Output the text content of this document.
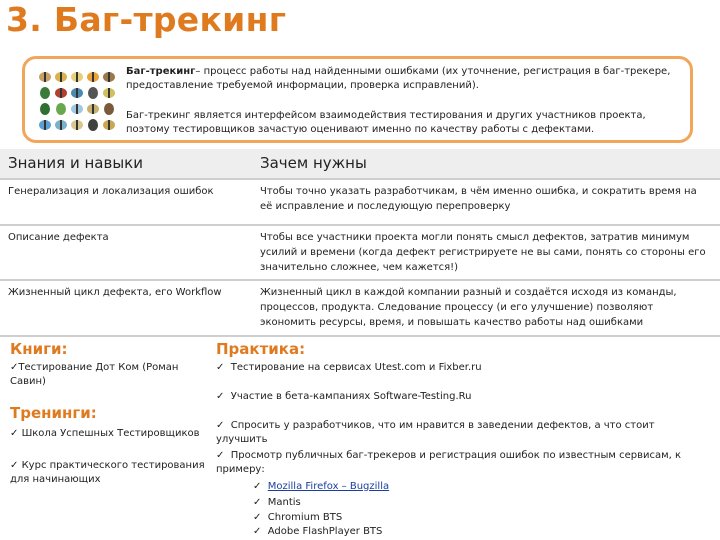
3. Баг-трекинг

Баг-трекинг– процесс работы над найденными ошибками (их уточнение, регистрация в баг-трекере, предоставление требуемой информации, проверка исправлений).

Баг-трекинг является интерфейсом взаимодействия тестирования и других участников проекта, поэтому тестировщиков зачастую оценивают именно по качеству работы с дефектами.

Знания и навыки	Зачем нужны
Генерализация и локализация ошибок	Чтобы точно указать разработчикам, в чём именно ошибка, и сократить время на её исправление и последующую перепроверку
Описание дефекта	Чтобы все участники проекта могли понять смысл дефектов, затратив минимум усилий и времени (когда дефект регистрируете не вы сами, понять со стороны его значительно сложнее, чем кажется!)
Жизненный цикл дефекта, его Workflow	Жизненный цикл в каждой компании разный и создаётся исходя из команды, процессов, продукта. Следование процессу (и его улучшение) позволяют экономить ресурсы, время, и повышать качество работы над ошибками
Книги:
✓Тестирование Дот Ком (Роман Савин)
Тренинги:
✓ Школа Успешных Тестировщиков
✓ Курс практического тестирования для начинающих
Практика:
✓ Тестирование на сервисах Utest.com и Fixber.ru
✓ Участие в бета-кампаниях Software-Testing.Ru
✓ Спросить у разработчиков, что им нравится в заведении дефектов, а что стоит улучшить
✓ Просмотр публичных баг-трекеров и регистрация ошибок по известным сервисам, к примеру:
✓ Mozilla Firefox – Bugzilla
✓ Mantis
✓ Chromium BTS
✓ Adobe FlashPlayer BTS
